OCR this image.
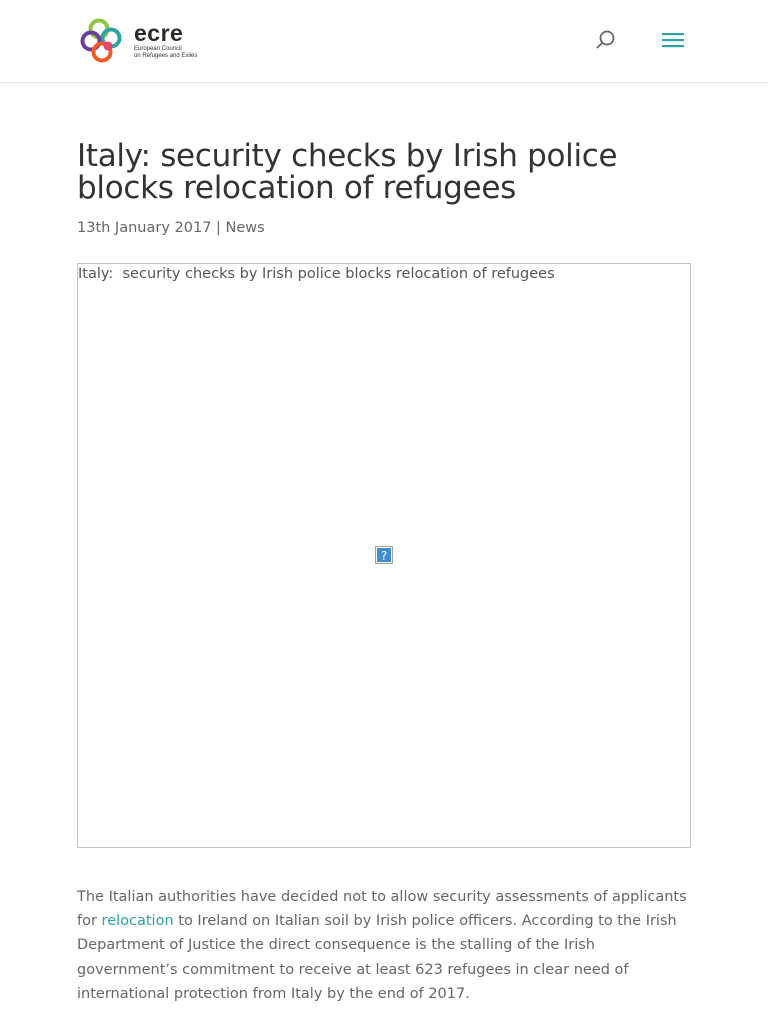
ecre
European Council
on Refugees and Exiles
Italy: security checks by Irish police blocks relocation of refugees
13th January 2017 | News
Italy:  security checks by Irish police blocks relocation of refugees
?

The Italian authorities have decided not to allow security assessments of applicants for relocation to Ireland on Italian soil by Irish police officers. According to the Irish Department of Justice the direct consequence is the stalling of the Irish government’s commitment to receive at least 623 refugees in clear need of international protection from Italy by the end of 2017.
